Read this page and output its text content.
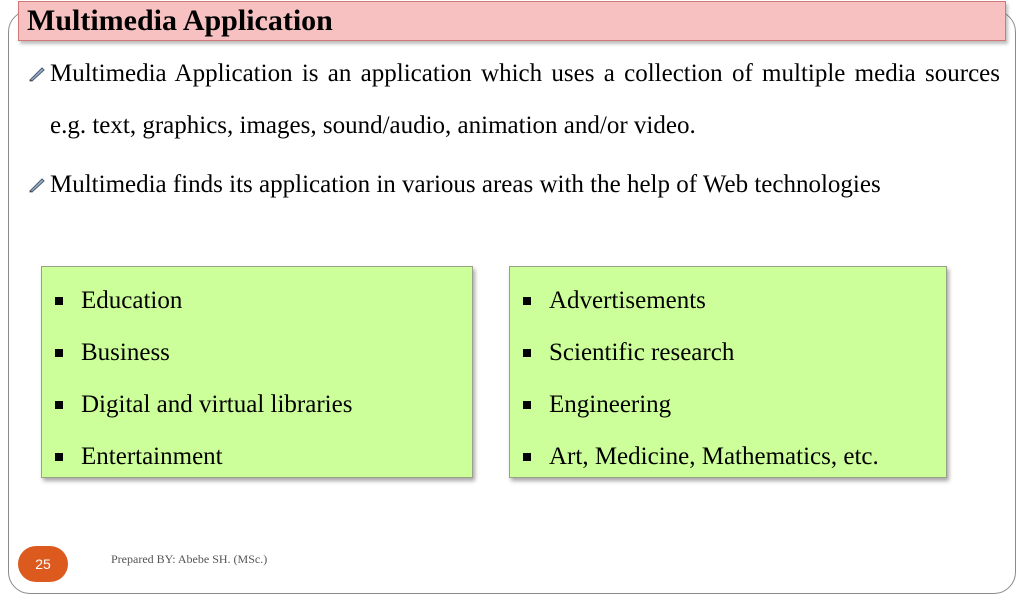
Multimedia Application
Multimedia Application is an application which uses a collection of multiple media sources e.g. text, graphics, images, sound/audio, animation and/or video.
Multimedia finds its application in various areas with the help of Web technologies
Education
Business
Digital and virtual libraries
Entertainment
Advertisements
Scientific research
Engineering
Art, Medicine, Mathematics, etc.
25	Prepared BY: Abebe SH. (MSc.)
